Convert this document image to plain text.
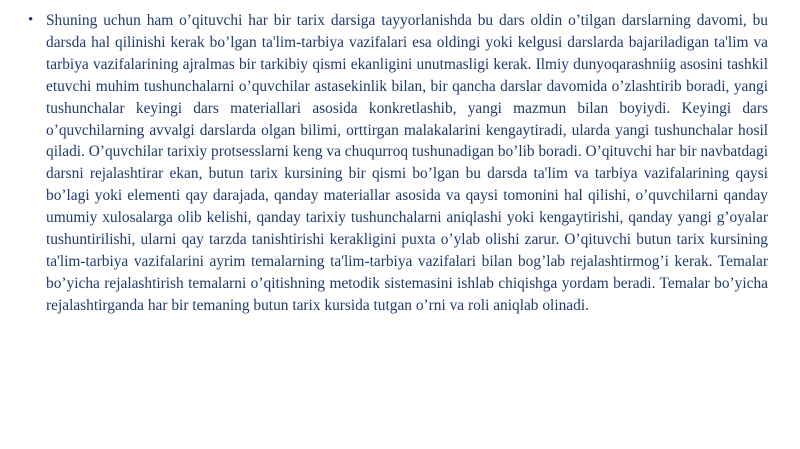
• Shuning uchun ham o’qituvchi har bir tarix darsiga tayyorlanishda bu dars oldin o’tilgan darslarning davomi, bu darsda hal qilinishi kerak bo’lgan ta'lim-tarbiya vazifalari esa oldingi yoki kelgusi darslarda bajariladigan ta'lim va tarbiya vazifalarining ajralmas bir tarkibiy qismi ekanligini unutmasligi kerak. Ilmiy dunyoqarashniig asosini tashkil etuvchi muhim tushunchalarni o’quvchilar astasekinlik bilan, bir qancha darslar davomida o’zlashtirib boradi, yangi tushunchalar keyingi dars materiallari asosida konkretlashib, yangi mazmun bilan boyiydi. Keyingi dars o’quvchilarning avvalgi darslarda olgan bilimi, orttirgan malakalarini kengaytiradi, ularda yangi tushunchalar hosil qiladi. O’quvchilar tarixiy protsesslarni keng va chuqurroq tushunadigan bo’lib boradi. O’qituvchi har bir navbatdagi darsni rejalashtirar ekan, butun tarix kursining bir qismi bo’lgan bu darsda ta'lim va tarbiya vazifalarining qaysi bo’lagi yoki elementi qay darajada, qanday materiallar asosida va qaysi tomonini hal qilishi, o’quvchilarni qanday umumiy xulosalarga olib kelishi, qanday tarixiy tushunchalarni aniqlashi yoki kengaytirishi, qanday yangi g’oyalar tushuntirilishi, ularni qay tarzda tanishtirishi kerakligini puxta o’ylab olishi zarur. O’qituvchi butun tarix kursining ta'lim-tarbiya vazifalarini ayrim temalarning ta'lim-tarbiya vazifalari bilan bog’lab rejalashtirmog’i kerak. Temalar bo’yicha rejalashtirish temalarni o’qitishning metodik sistemasini ishlab chiqishga yordam beradi. Temalar bo’yicha rejalashtirganda har bir temaning butun tarix kursida tutgan o’rni va roli aniqlab olinadi.
